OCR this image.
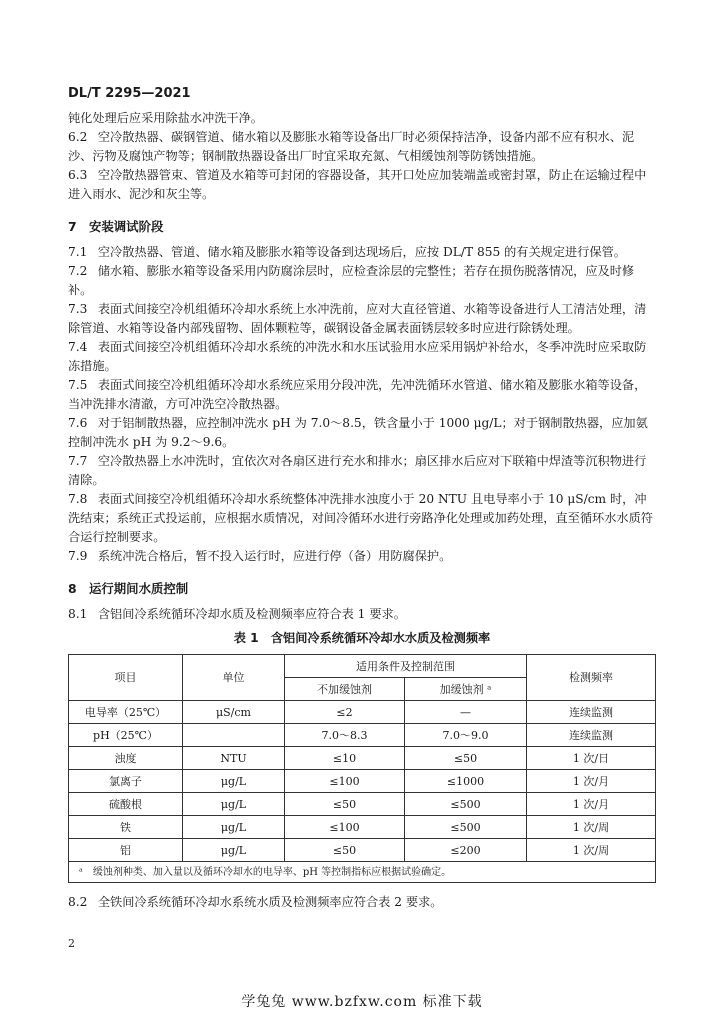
DL/T 2295—2021

钝化处理后应采用除盐水冲洗干净。

6.2 空冷散热器、碳钢管道、储水箱以及膨胀水箱等设备出厂时必须保持洁净，设备内部不应有积水、泥沙、污物及腐蚀产物等；钢制散热器设备出厂时宜采取充氮、气相缓蚀剂等防锈蚀措施。

6.3 空冷散热器管束、管道及水箱等可封闭的容器设备，其开口处应加装端盖或密封罩，防止在运输过程中进入雨水、泥沙和灰尘等。

7　安装调试阶段

7.1 空冷散热器、管道、储水箱及膨胀水箱等设备到达现场后，应按 DL/T 855 的有关规定进行保管。

7.2 储水箱、膨胀水箱等设备采用内防腐涂层时，应检查涂层的完整性；若存在损伤脱落情况，应及时修补。

7.3 表面式间接空冷机组循环冷却水系统上水冲洗前，应对大直径管道、水箱等设备进行人工清洁处理，清除管道、水箱等设备内部残留物、固体颗粒等，碳钢设备金属表面锈层较多时应进行除锈处理。

7.4 表面式间接空冷机组循环冷却水系统的冲洗水和水压试验用水应采用锅炉补给水，冬季冲洗时应采取防冻措施。

7.5 表面式间接空冷机组循环冷却水系统应采用分段冲洗，先冲洗循环水管道、储水箱及膨胀水箱等设备，当冲洗排水清澈，方可冲洗空冷散热器。

7.6 对于铝制散热器，应控制冲洗水 pH 为 7.0～8.5，铁含量小于 1000 μg/L；对于钢制散热器，应加氨控制冲洗水 pH 为 9.2～9.6。

7.7 空冷散热器上水冲洗时，宜依次对各扇区进行充水和排水；扇区排水后应对下联箱中焊渣等沉积物进行清除。

7.8 表面式间接空冷机组循环冷却水系统整体冲洗排水浊度小于 20 NTU 且电导率小于 10 μS/cm 时，冲洗结束；系统正式投运前，应根据水质情况，对间冷循环水进行旁路净化处理或加药处理，直至循环水水质符合运行控制要求。

7.9 系统冲洗合格后，暂不投入运行时，应进行停（备）用防腐保护。

8　运行期间水质控制

8.1 含铝间冷系统循环冷却水质及检测频率应符合表 1 要求。

表 1　含铝间冷系统循环冷却水水质及检测频率
项目	单位	适用条件及控制范围		检测频率
		不加缓蚀剂	加缓蚀剂 ᵃ	
电导率（25℃）	μS/cm	≤2	—	连续监测
pH（25℃）		7.0～8.3	7.0～9.0	连续监测
浊度	NTU	≤10	≤50	1 次/日
氯离子	μg/L	≤100	≤1000	1 次/月
硫酸根	μg/L	≤50	≤500	1 次/月
铁	μg/L	≤100	≤500	1 次/周
铝	μg/L	≤50	≤200	1 次/周
ᵃ　缓蚀剂种类、加入量以及循环冷却水的电导率、pH 等控制指标应根据试验确定。				

8.2 全铁间冷系统循环冷却水系统水质及检测频率应符合表 2 要求。

2
学兔兔 www.bzfxw.com 标准下载
